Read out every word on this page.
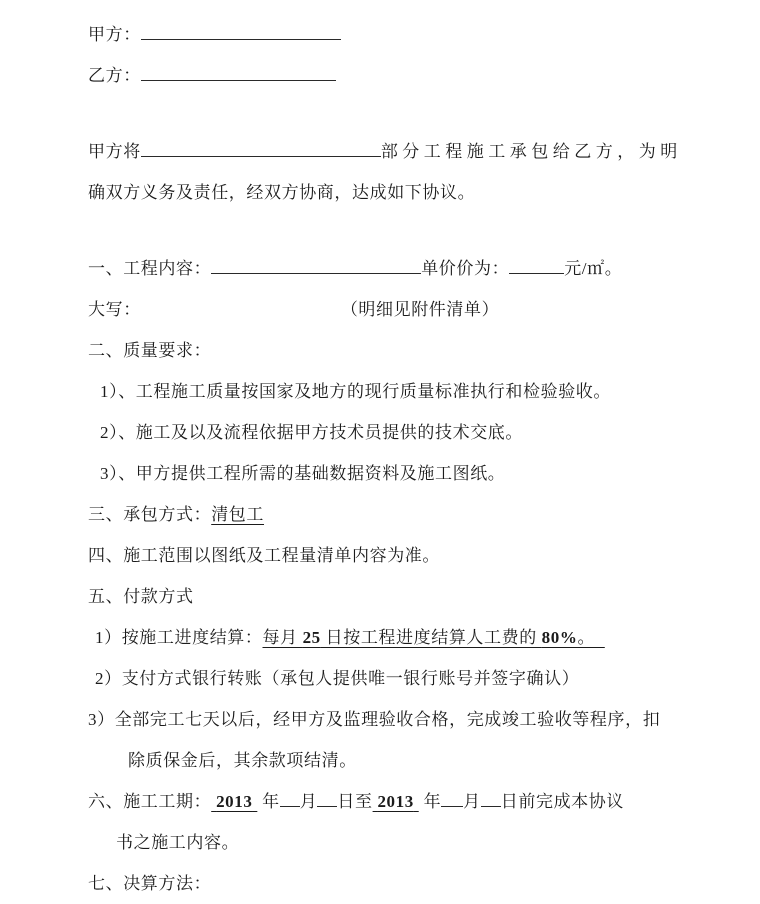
甲方：
乙方：
甲方将	部分工程施工承包给乙方，为明
确双方义务及责任，经双方协商，达成如下协议。
一、工程内容：	单价价为：	元/㎡。
大写：	（明细见附件清单）
二、质量要求：
1）、工程施工质量按国家及地方的现行质量标准执行和检验验收。
2）、施工及以及流程依据甲方技术员提供的技术交底。
3）、甲方提供工程所需的基础数据资料及施工图纸。
三、承包方式：清包工
四、施工范围以图纸及工程量清单内容为准。
五、付款方式
1）按施工进度结算：每月 25 日按工程进度结算人工费的 80%。
2）支付方式银行转账（承包人提供唯一银行账号并签字确认）
3）全部完工七天以后，经甲方及监理验收合格，完成竣工验收等程序，扣
除质保金后，其余款项结清。
六、施工工期： 2013  年 月 日至 2013  年 月 日前完成本协议
书之施工内容。
七、决算方法：
